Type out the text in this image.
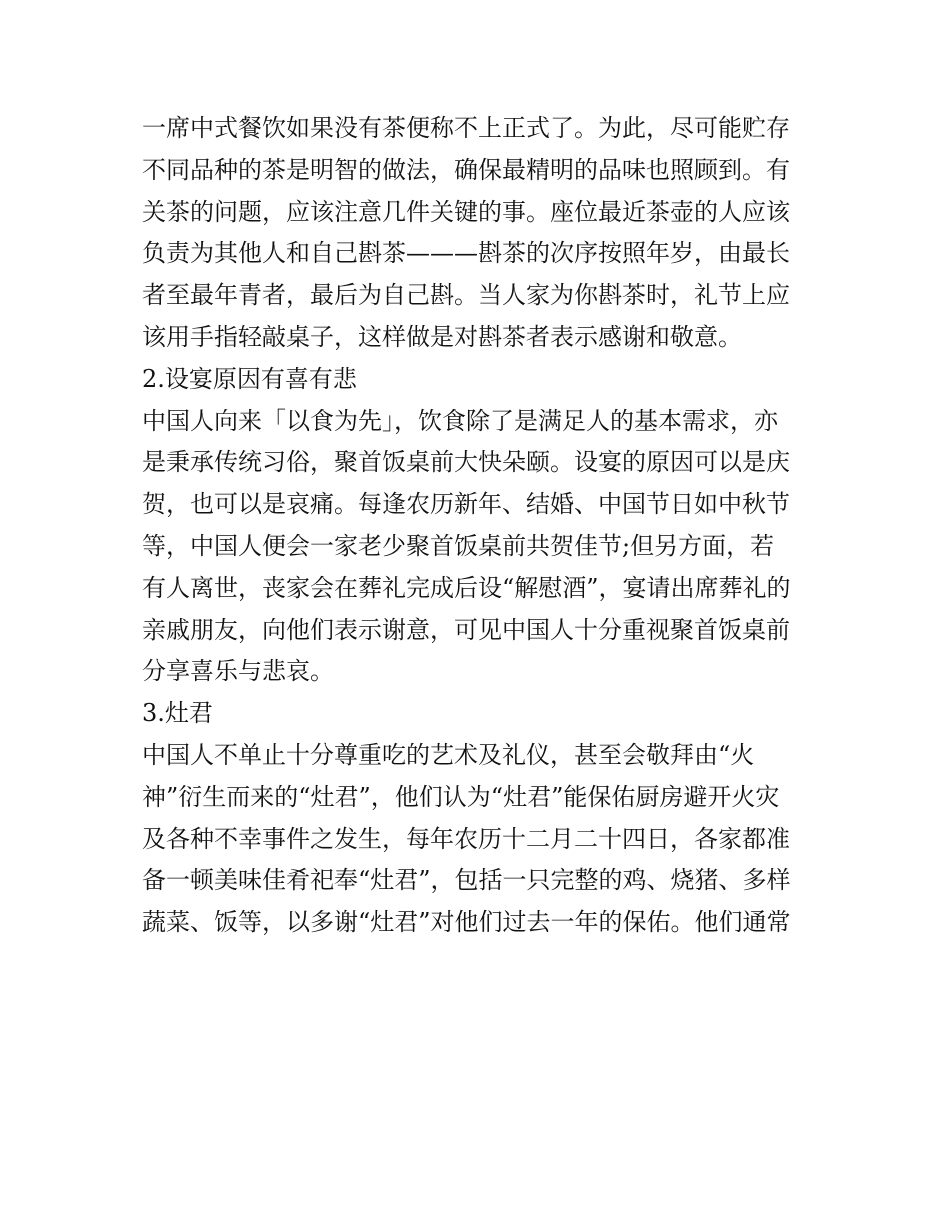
一席中式餐饮如果没有茶便称不上正式了。为此，尽可能贮存
不同品种的茶是明智的做法，确保最精明的品味也照顾到。有
关茶的问题，应该注意几件关键的事。座位最近茶壶的人应该
负责为其他人和自己斟茶———斟茶的次序按照年岁，由最长
者至最年青者，最后为自己斟。当人家为你斟茶时，礼节上应
该用手指轻敲桌子，这样做是对斟茶者表示感谢和敬意。
2.设宴原因有喜有悲
中国人向来「以食为先」，饮食除了是满足人的基本需求，亦
是秉承传统习俗，聚首饭桌前大快朵颐。设宴的原因可以是庆
贺，也可以是哀痛。每逢农历新年、结婚、中国节日如中秋节
等，中国人便会一家老少聚首饭桌前共贺佳节;但另方面，若
有人离世，丧家会在葬礼完成后设“解慰酒”，宴请出席葬礼的
亲戚朋友，向他们表示谢意，可见中国人十分重视聚首饭桌前
分享喜乐与悲哀。
3.灶君
中国人不单止十分尊重吃的艺术及礼仪，甚至会敬拜由“火
神”衍生而来的“灶君”，他们认为“灶君”能保佑厨房避开火灾
及各种不幸事件之发生，每年农历十二月二十四日，各家都准
备一顿美味佳肴祀奉“灶君”，包括一只完整的鸡、烧猪、多样
蔬菜、饭等，以多谢“灶君”对他们过去一年的保佑。他们通常
